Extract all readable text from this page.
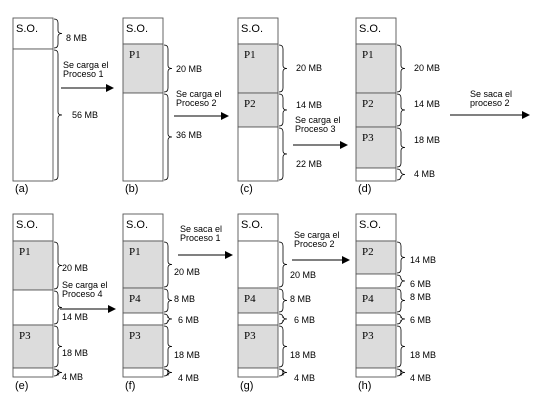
S.O.
(a)
8 MB
56 MB
Se carga el
Proceso 1
S.O.
P1
(b)
20 MB
36 MB
Se carga el
Proceso 2
S.O.
P1
P2
(c)
20 MB
14 MB
22 MB
Se carga el
Proceso 3
S.O.
P1
P2
P3
(d)
20 MB
14 MB
18 MB
4 MB
Se saca el
proceso 2
S.O.
P1
P3
(e)
20 MB
14 MB
18 MB
4 MB
Se carga el
Proceso 4
S.O.
P1
P4
P3
(f)
20 MB
8 MB
6 MB
18 MB
4 MB
Se saca el
Proceso 1
S.O.
P4
P3
(g)
20 MB
8 MB
6 MB
18 MB
4 MB
Se carga el
Proceso 2
S.O.
P2
P4
P3
(h)
14 MB
6 MB
8 MB
6 MB
18 MB
4 MB
